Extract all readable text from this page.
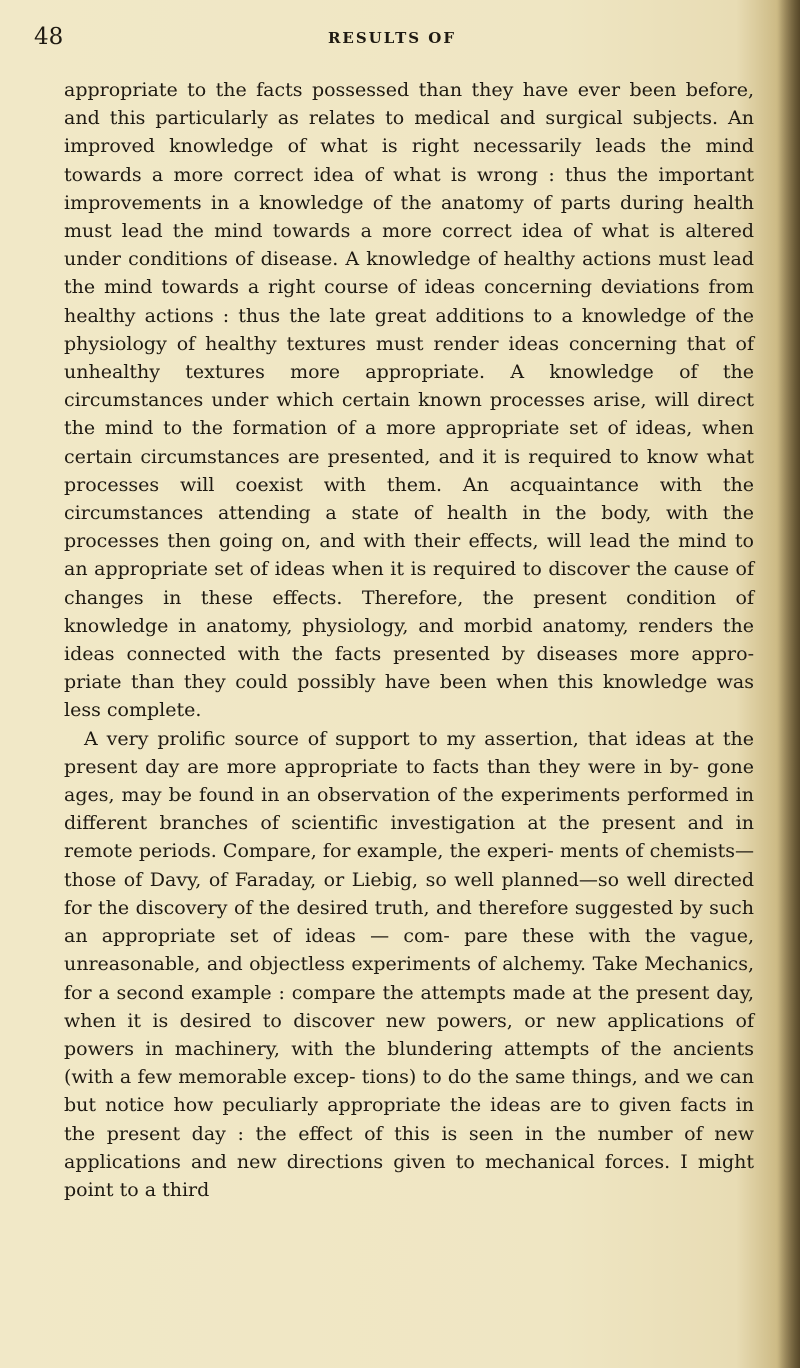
48	RESULTS OF

appropriate to the facts possessed than they have ever been before, and this particularly as relates to medical and surgical subjects. An improved knowledge of what is right necessarily leads the mind towards a more correct idea of what is wrong : thus the important improvements in a knowledge of the anatomy of parts during health must lead the mind towards a more correct idea of what is altered under conditions of disease. A knowledge of healthy actions must lead the mind towards a right course of ideas concerning deviations from healthy actions : thus the late great additions to a knowledge of the physiology of healthy textures must render ideas concerning that of unhealthy textures more appropriate. A knowledge of the circumstances under which certain known processes arise, will direct the mind to the formation of a more appropriate set of ideas, when certain circumstances are presented, and it is required to know what processes will coexist with them. An acquaintance with the circumstances attending a state of health in the body, with the processes then going on, and with their effects, will lead the mind to an appropriate set of ideas when it is required to discover the cause of changes in these effects. Therefore, the present condition of knowledge in anatomy, physiology, and morbid anatomy, renders the ideas connected with the facts presented by diseases more appro- priate than they could possibly have been when this knowledge was less complete.

A very prolific source of support to my assertion, that ideas at the present day are more appropriate to facts than they were in by- gone ages, may be found in an observation of the experiments performed in different branches of scientific investigation at the present and in remote periods. Compare, for example, the experi- ments of chemists—those of Davy, of Faraday, or Liebig, so well planned—so well directed for the discovery of the desired truth, and therefore suggested by such an appropriate set of ideas — com- pare these with the vague, unreasonable, and objectless experiments of alchemy. Take Mechanics, for a second example : compare the attempts made at the present day, when it is desired to discover new powers, or new applications of powers in machinery, with the blundering attempts of the ancients (with a few memorable excep- tions) to do the same things, and we can but notice how peculiarly appropriate the ideas are to given facts in the present day : the effect of this is seen in the number of new applications and new directions given to mechanical forces. I might point to a third
